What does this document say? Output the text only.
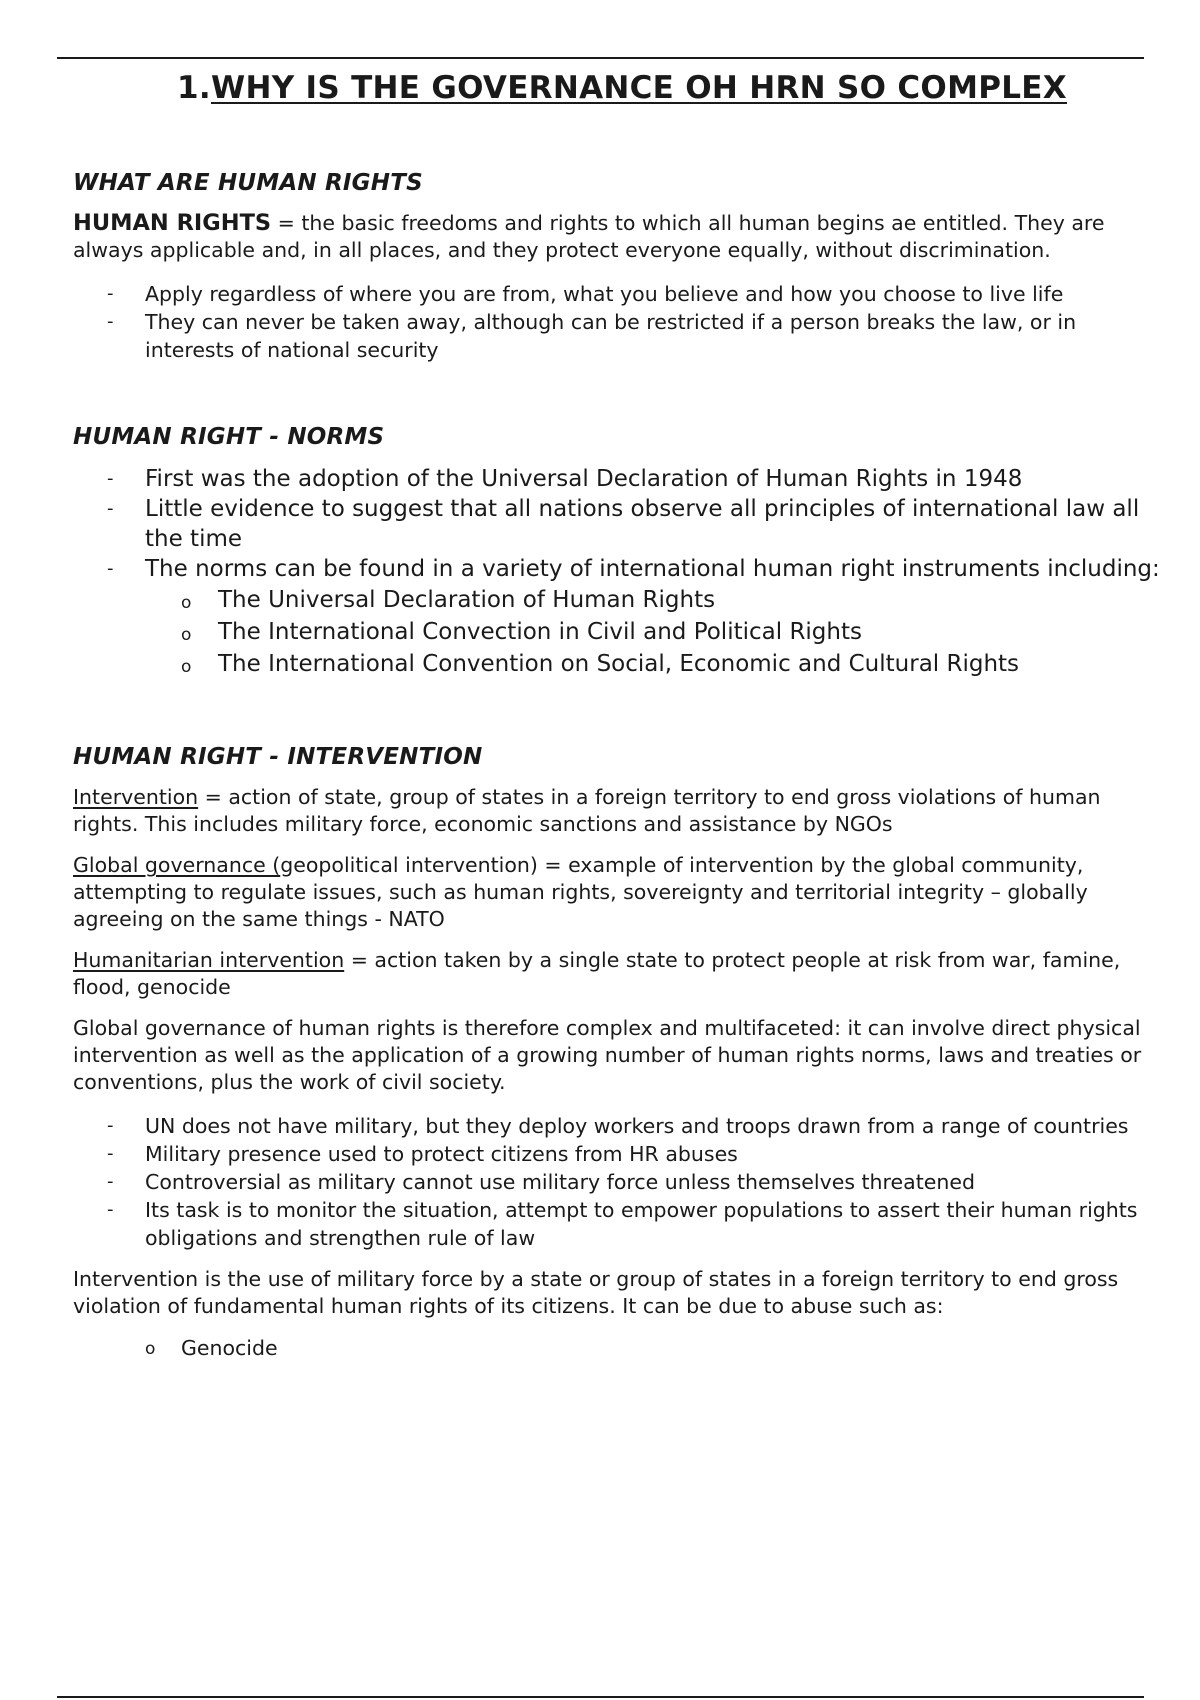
1.WHY IS THE GOVERNANCE OH HRN SO COMPLEX
WHAT ARE HUMAN RIGHTS

HUMAN RIGHTS = the basic freedoms and rights to which all human begins ae entitled. They are always applicable and, in all places, and they protect everyone equally, without discrimination.

- Apply regardless of where you are from, what you believe and how you choose to live life
- They can never be taken away, although can be restricted if a person breaks the law, or in interests of national security
HUMAN RIGHT - NORMS
- First was the adoption of the Universal Declaration of Human Rights in 1948
- Little evidence to suggest that all nations observe all principles of international law all the time
- The norms can be found in a variety of international human right instruments including:
o The Universal Declaration of Human Rights
o The International Convection in Civil and Political Rights
o The International Convention on Social, Economic and Cultural Rights
HUMAN RIGHT - INTERVENTION

Intervention = action of state, group of states in a foreign territory to end gross violations of human rights. This includes military force, economic sanctions and assistance by NGOs

Global governance (geopolitical intervention) = example of intervention by the global community, attempting to regulate issues, such as human rights, sovereignty and territorial integrity – globally agreeing on the same things - NATO

Humanitarian intervention = action taken by a single state to protect people at risk from war, famine, flood, genocide

Global governance of human rights is therefore complex and multifaceted: it can involve direct physical intervention as well as the application of a growing number of human rights norms, laws and treaties or conventions, plus the work of civil society.

- UN does not have military, but they deploy workers and troops drawn from a range of countries
- Military presence used to protect citizens from HR abuses
- Controversial as military cannot use military force unless themselves threatened
- Its task is to monitor the situation, attempt to empower populations to assert their human rights obligations and strengthen rule of law

Intervention is the use of military force by a state or group of states in a foreign territory to end gross violation of fundamental human rights of its citizens. It can be due to abuse such as:

o Genocide
